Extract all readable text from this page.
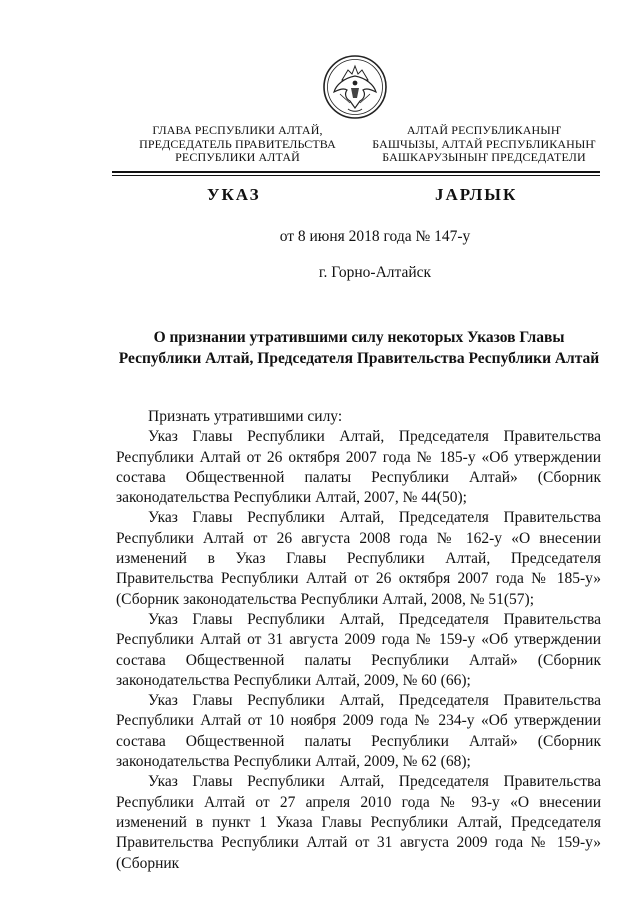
ГЛАВА РЕСПУБЛИКИ АЛТАЙ,
ПРЕДСЕДАТЕЛЬ ПРАВИТЕЛЬСТВА
РЕСПУБЛИКИ АЛТАЙ
АЛТАЙ РЕСПУБЛИКАНЫҤ
БАШЧЫЗЫ, АЛТАЙ РЕСПУБЛИКАНЫҤ
БАШКАРУЗЫНЫҤ ПРЕДСЕДАТЕЛИ
УКАЗ	JАРЛЫК
от 8 июня 2018 года № 147-у
г. Горно-Алтайск
О признании утратившими силу некоторых Указов Главы Республики Алтай, Председателя Правительства Республики Алтай

Признать утратившими силу:

Указ Главы Республики Алтай, Председателя Правительства Республики Алтай от 26 октября 2007 года № 185-у «Об утверждении состава Общественной палаты Республики Алтай» (Сборник законодательства Республики Алтай, 2007, № 44(50);

Указ Главы Республики Алтай, Председателя Правительства Республики Алтай от 26 августа 2008 года № 162-у «О внесении изменений в Указ Главы Республики Алтай, Председателя Правительства Республики Алтай от 26 октября 2007 года № 185-у» (Сборник законодательства Республики Алтай, 2008, № 51(57);

Указ Главы Республики Алтай, Председателя Правительства Республики Алтай от 31 августа 2009 года № 159-у «Об утверждении состава Общественной палаты Республики Алтай» (Сборник законодательства Республики Алтай, 2009, № 60 (66);

Указ Главы Республики Алтай, Председателя Правительства Республики Алтай от 10 ноября 2009 года № 234-у «Об утверждении состава Общественной палаты Республики Алтай» (Сборник законодательства Республики Алтай, 2009, № 62 (68);

Указ Главы Республики Алтай, Председателя Правительства Республики Алтай от 27 апреля 2010 года № 93-у «О внесении изменений в пункт 1 Указа Главы Республики Алтай, Председателя Правительства Республики Алтай от 31 августа 2009 года № 159-у» (Сборник
